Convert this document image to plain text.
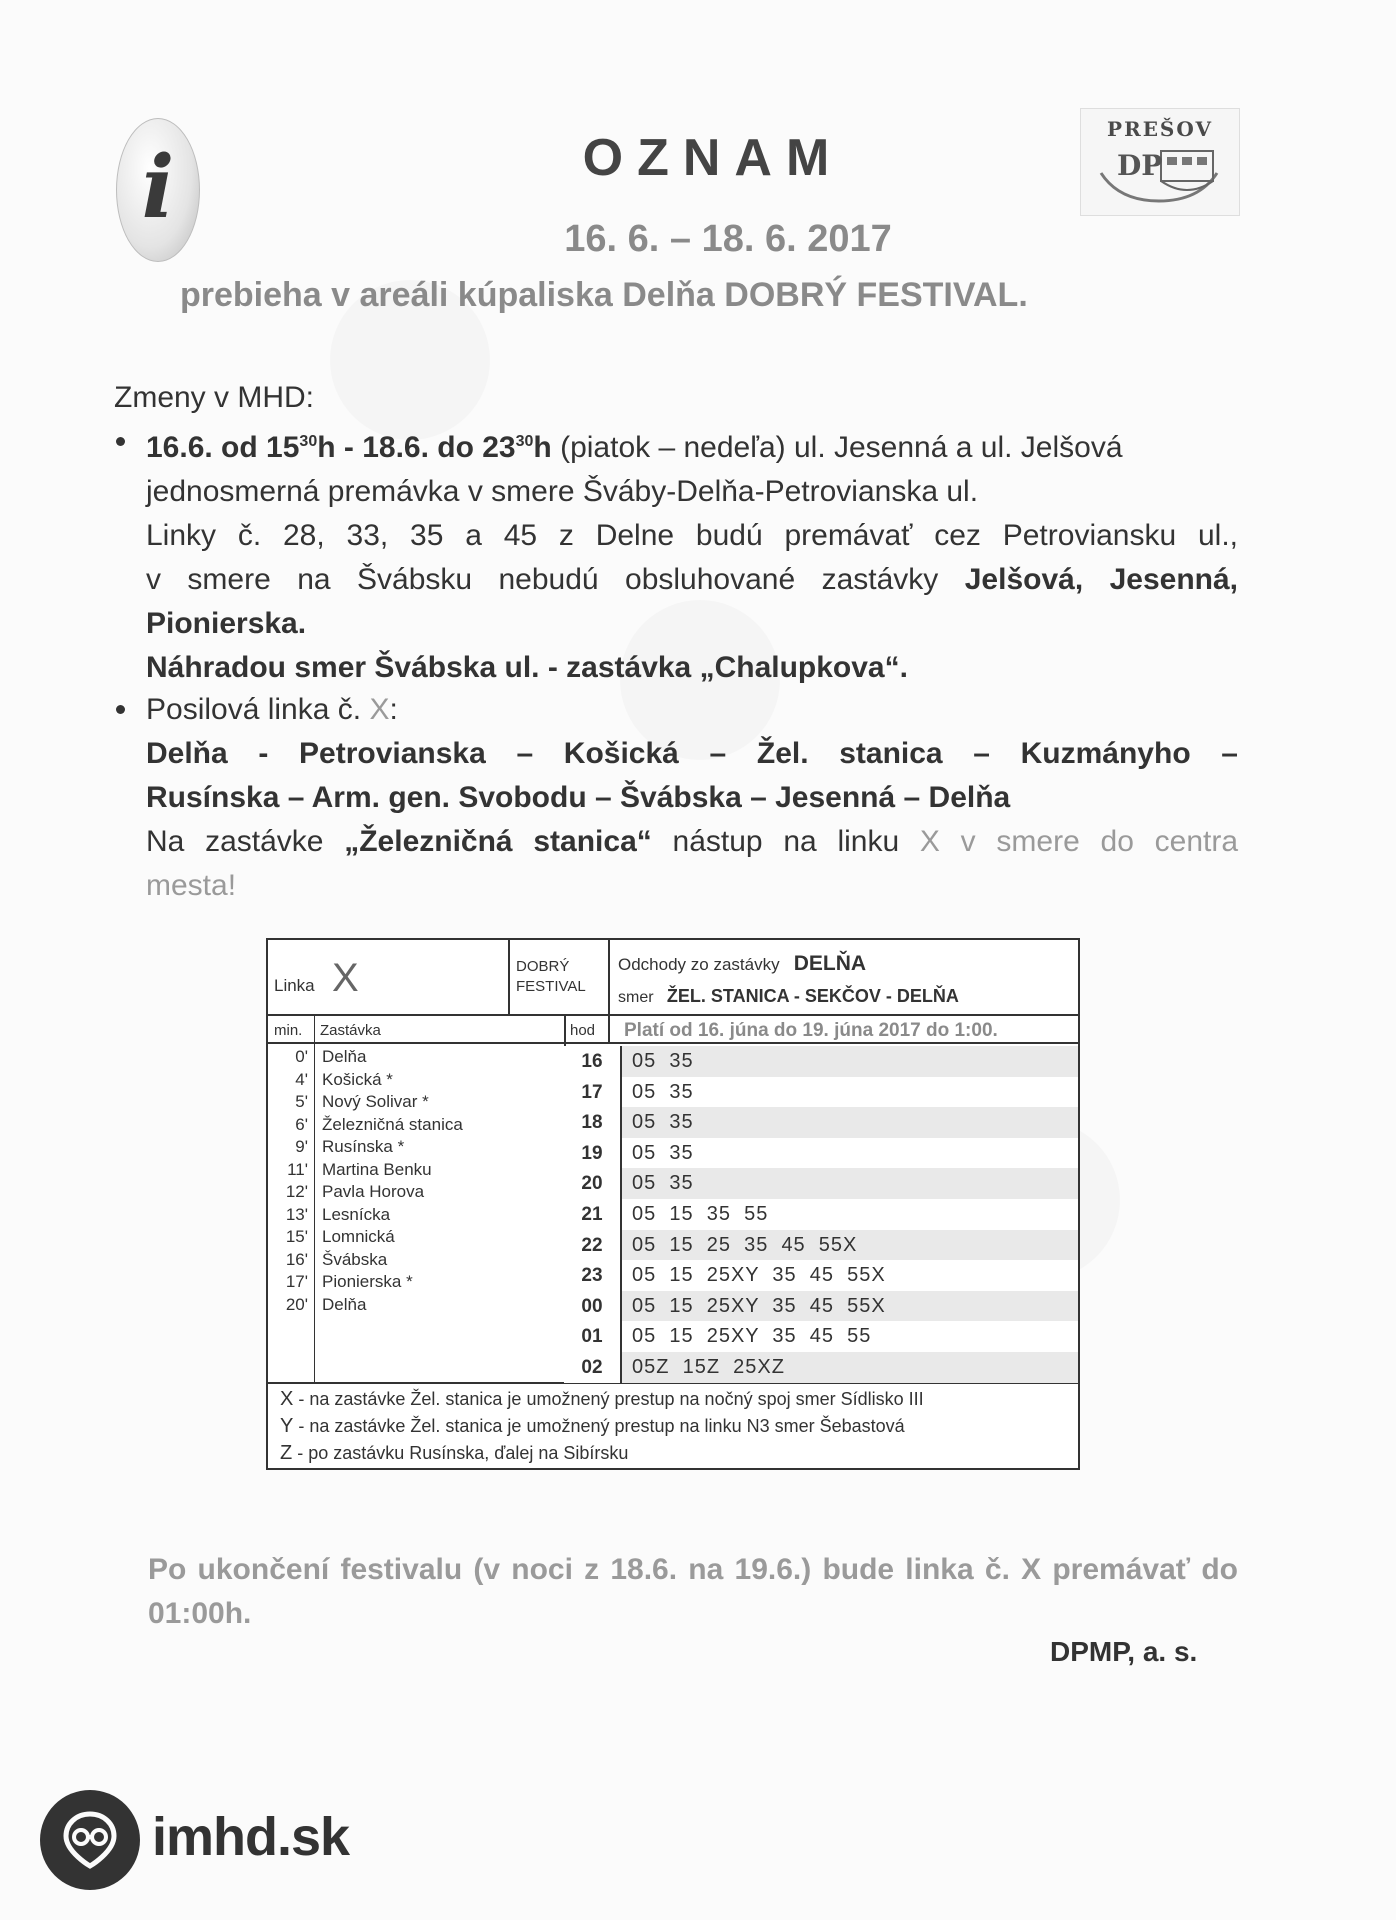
i	OZNAM
16. 6. – 18. 6. 2017
prebieha v areáli kúpaliska Delňa DOBRÝ FESTIVAL.
PREŠOV
DP
Zmeny v MHD:
16.6. od $15^{30}h - 18.6$. do $23^{30}h$ (piatok – nedeľa) ul. Jesenná a ul. Jelšová
jednosmerná premávka v smere Šváby-Delňa-Petrovianska ul.
Linky č. 28, 33, 35 a 45 z Delne budú premávať cez Petroviansku ul.,
v smere na Švábsku nebudú obsluhované zastávky Jelšová, Jesenná,
Pionierska.
Náhradou smer Švábska ul. - zastávka „Chalupkova“.
Posilová linka č. X:
Delňa - Petrovianska – Košická – Žel. stanica – Kuzmányho –
Rusínska – Arm. gen. Svobodu – Švábska – Jesenná – Delňa
Na zastávke „Železničná stanica“ nástup na linku X v smere do centra
mesta!
Linka X	DOBRÝ
FESTIVAL
Odchody zo zastávky DELŇA
smer ŽEL. STANICA - SEKČOV - DELŇA
min. Zastávka	hod Platí od 16. júna do 19. júna 2017 do 1:00.
0' Delňa
4' Košická *
5' Nový Solivar *
6' Železničná stanica
9' Rusínska *
11' Martina Benku
12' Pavla Horova
13' Lesnícka
15' Lomnická
16' Švábska
17' Pionierska *
20' Delňa
16	05  35
17	05  35
18	05  35
19	05  35
20	05  35
21	05  15  35  55
22	05  15  25  35  45  55X
23	05  15  25XY  35  45  55X
00	05  15  25XY  35  45  55X
01	05  15  25XY  35  45  55
02	05Z  15Z  25XZ
X - na zastávke Žel. stanica je umožnený prestup na nočný spoj smer Sídlisko III
Y - na zastávke Žel. stanica je umožnený prestup na linku N3 smer Šebastová
Z - po zastávku Rusínska, ďalej na Sibírsku
Po ukončení festivalu (v noci z 18.6. na 19.6.) bude linka č. X premávať do 01:00h.
DPMP, a. s.
imhd.sk
